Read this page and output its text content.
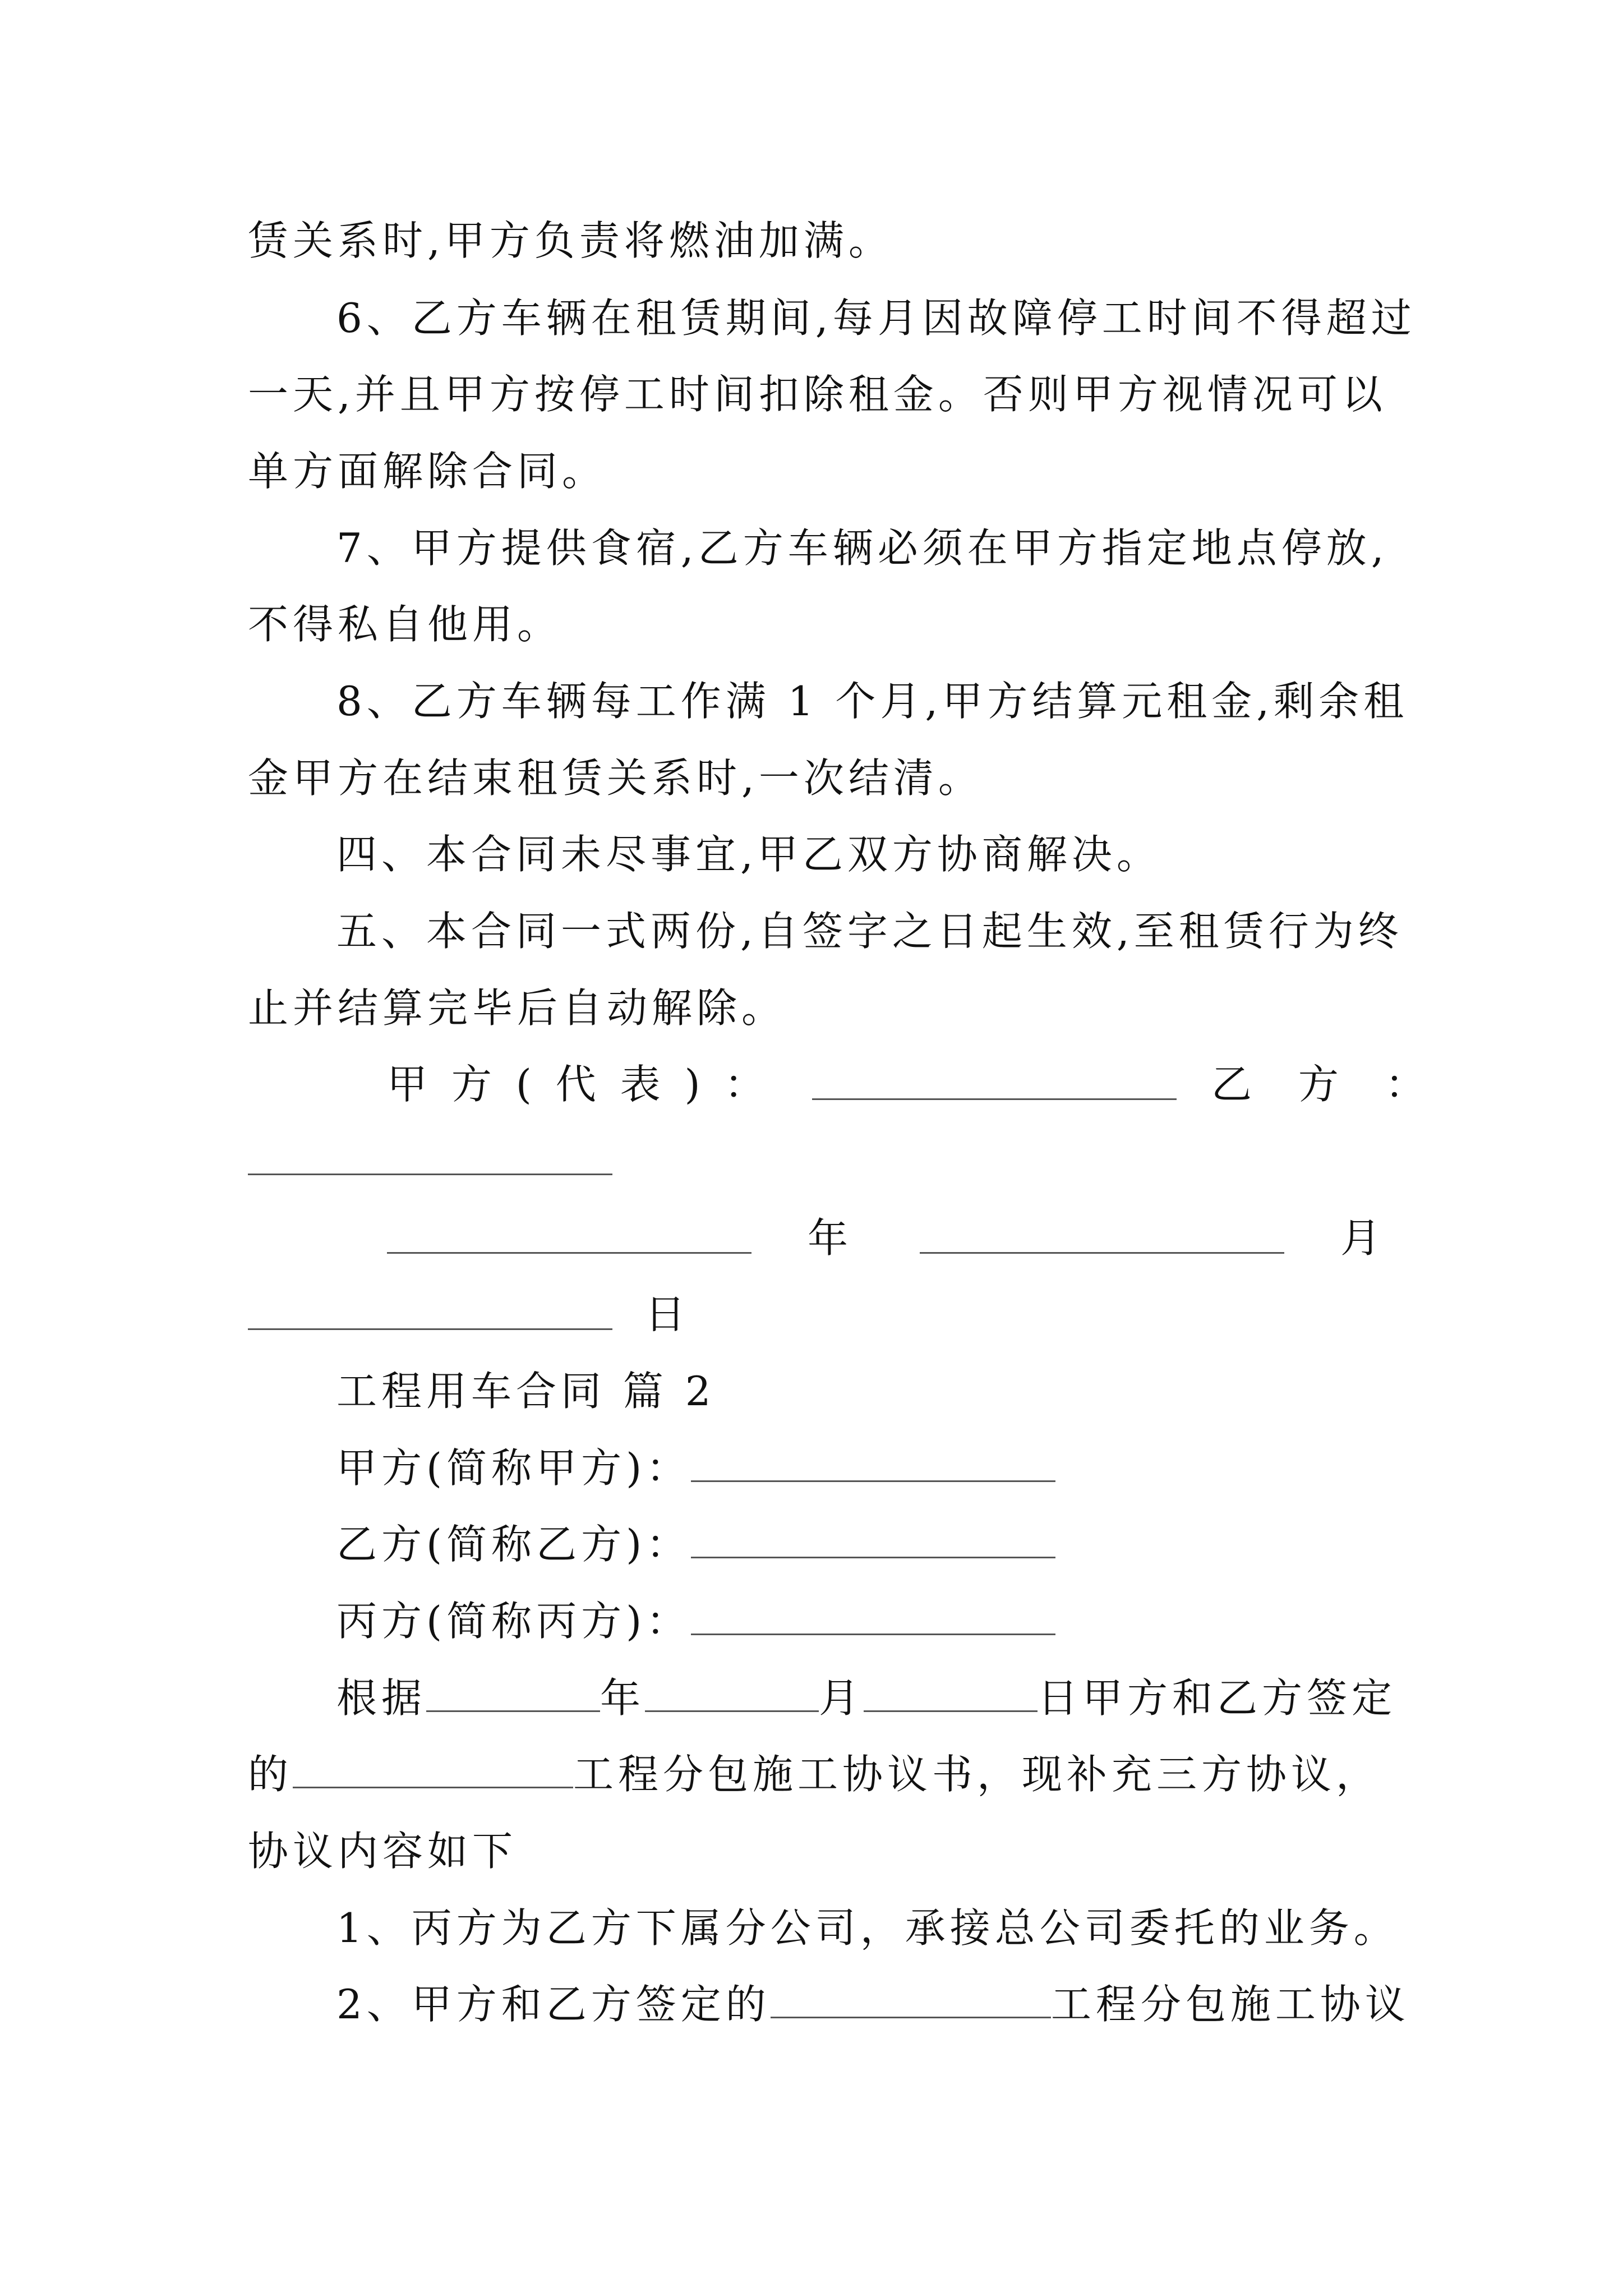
赁关系时,甲方负责将燃油加满。
6、乙方车辆在租赁期间,每月因故障停工时间不得超过
一天,并且甲方按停工时间扣除租金。否则甲方视情况可以
单方面解除合同。
7、甲方提供食宿,乙方车辆必须在甲方指定地点停放,
不得私自他用。
8、乙方车辆每工作满 1 个月,甲方结算元租金,剩余租
金甲方在结束租赁关系时,一次结清。
四、本合同未尽事宜,甲乙双方协商解决。
五、本合同一式两份,自签字之日起生效,至租赁行为终
止并结算完毕后自动解除。
甲 方 ( 代 表 ) ：	乙 方 ：
年	月
日
工程用车合同 篇 2
甲方(简称甲方)：
乙方(简称乙方)：
丙方(简称丙方)：
根据	年	月	日甲方和乙方签定
的	工程分包施工协议书，现补充三方协议，
协议内容如下
1、丙方为乙方下属分公司，承接总公司委托的业务。
2、甲方和乙方签定的	工程分包施工协议
